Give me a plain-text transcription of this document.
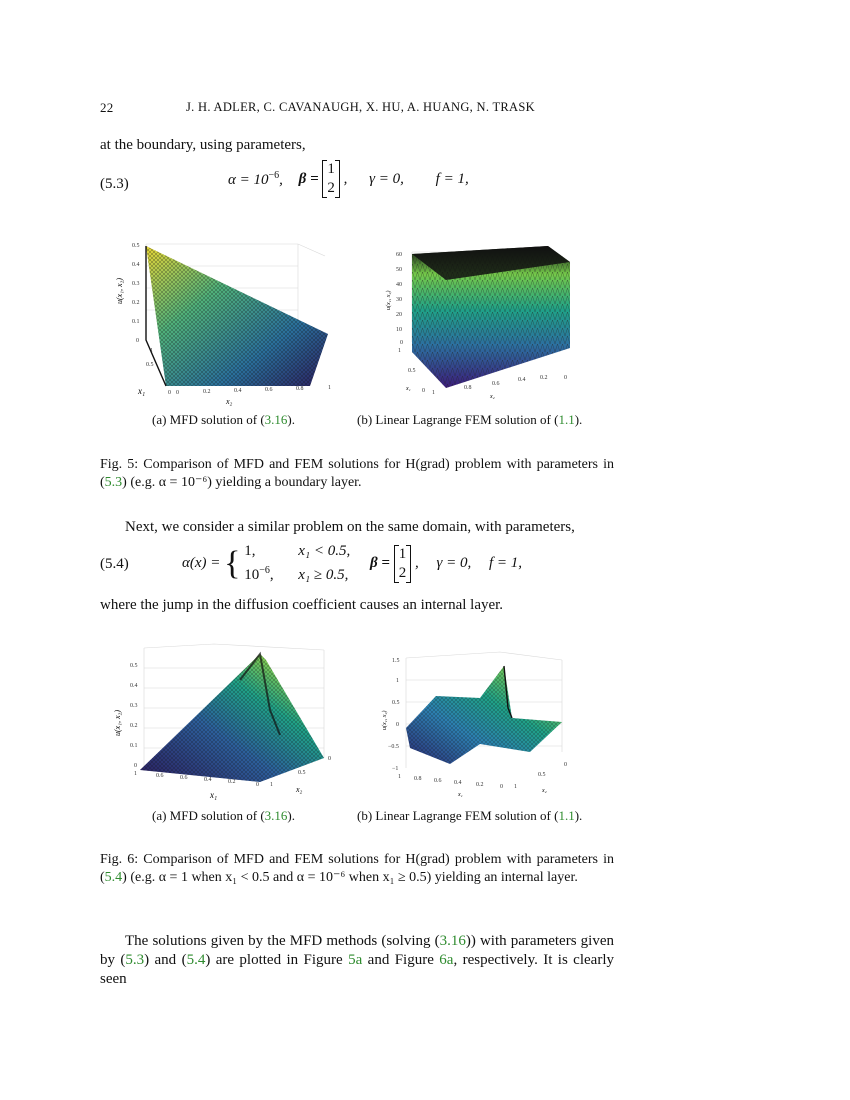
22	J. H. ADLER, C. CAVANAUGH, X. HU, A. HUANG, N. TRASK
at the boundary, using parameters,
(5.3)	$\alpha = 10^{-6}$, β = 1
2 , γ = 0, f = 1,
0.5
0.4
0.3
0.2
0.1
0
1
0.5
0 0	0.2	0.4	0.6	0.8	1
u(x₁, x₂)
x₁
x₂
60
50
40
30
20
10
0
1
0.5
0 1
0.8
0.6
0.4 0.2	0
u(x₁, x₂)
x₁
x₂
(a) MFD solution of (3.16).	(b) Linear Lagrange FEM solution of (1.1).
Fig. 5: Comparison of MFD and FEM solutions for H(grad) problem with parameters in (5.3) (e.g. α = 10⁻⁶) yielding a boundary layer.
Next, we consider a similar problem on the same domain, with parameters,
(5.4)	α(x) = { 1,	x₁ < 0.5,
$10^{-6}$, x₁ ≥ 0.5, β = 1
2 , γ = 0, f = 1,
where the jump in the diffusion coefficient causes an internal layer.
0.5
0.4
0.3
0.2
0.1
0
1	0.6	0.6	0.4	0.2	0
0
0.5
1
u(x₁, x₂)
x₁
x₂
1.5
1
0.5
0
−0.5
−1
1 0.8 0.6 0.4 0.2	0 1
0.5
0
u(x₁, x₂)
x₁
x₂
(a) MFD solution of (3.16).	(b) Linear Lagrange FEM solution of (1.1).
Fig. 6: Comparison of MFD and FEM solutions for H(grad) problem with parameters in (5.4) (e.g. α = 1 when x₁ < 0.5 and α = 10⁻⁶ when x₁ ≥ 0.5) yielding an internal layer.
The solutions given by the MFD methods (solving (3.16)) with parameters given by (5.3) and (5.4) are plotted in Figure 5a and Figure 6a, respectively. It is clearly seen
